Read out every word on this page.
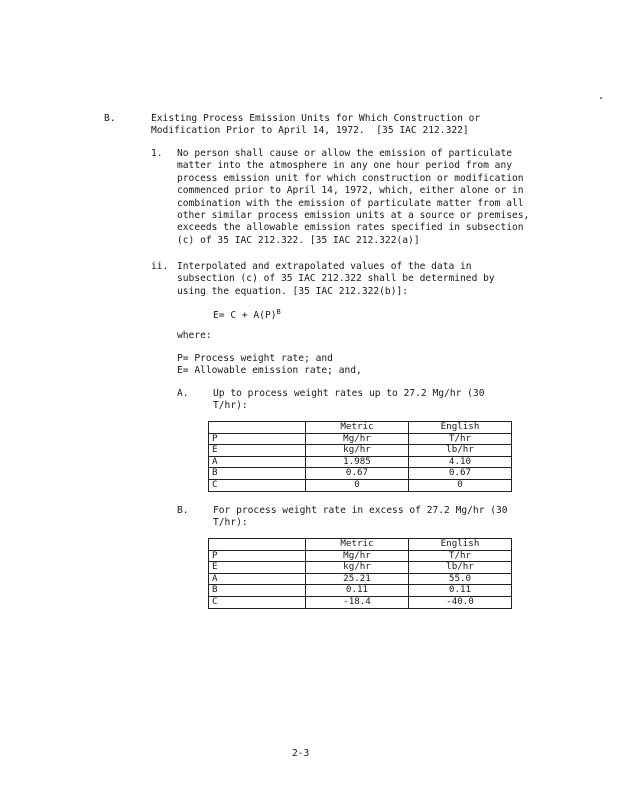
B.	Existing Process Emission Units for Which Construction or
Modification Prior to April 14, 1972.  [35 IAC 212.322]
1. No person shall cause or allow the emission of particulate matter into the atmosphere in any one hour period from any process emission unit for which construction or modification commenced prior to April 14, 1972, which, either alone or in combination with the emission of particulate matter from all other similar process emission units at a source or premises, exceeds the allowable emission rates specified in subsection (c) of 35 IAC 212.322. [35 IAC 212.322(a)]

ii. Interpolated and extrapolated values of the data in subsection (c) of 35 IAC 212.322 shall be determined by using the equation. [35 IAC 212.322(b)]:

$E= C + A(P)^B$
where:
P= Process weight rate; and
E= Allowable emission rate; and,
A.	Up to process weight rates up to 27.2 Mg/hr (30
T/hr):
	Metric	English
P	Mg/hr	T/hr
E	kg/hr	lb/hr
A	1.985	4.10
B	0.67	0.67
C	0	0
B.	For process weight rate in excess of 27.2 Mg/hr (30
T/hr):
	Metric	English
P	Mg/hr	T/hr
E	kg/hr	lb/hr
A	25.21	55.0
B	0.11	0.11
C	-18.4	-40.0
2-3
